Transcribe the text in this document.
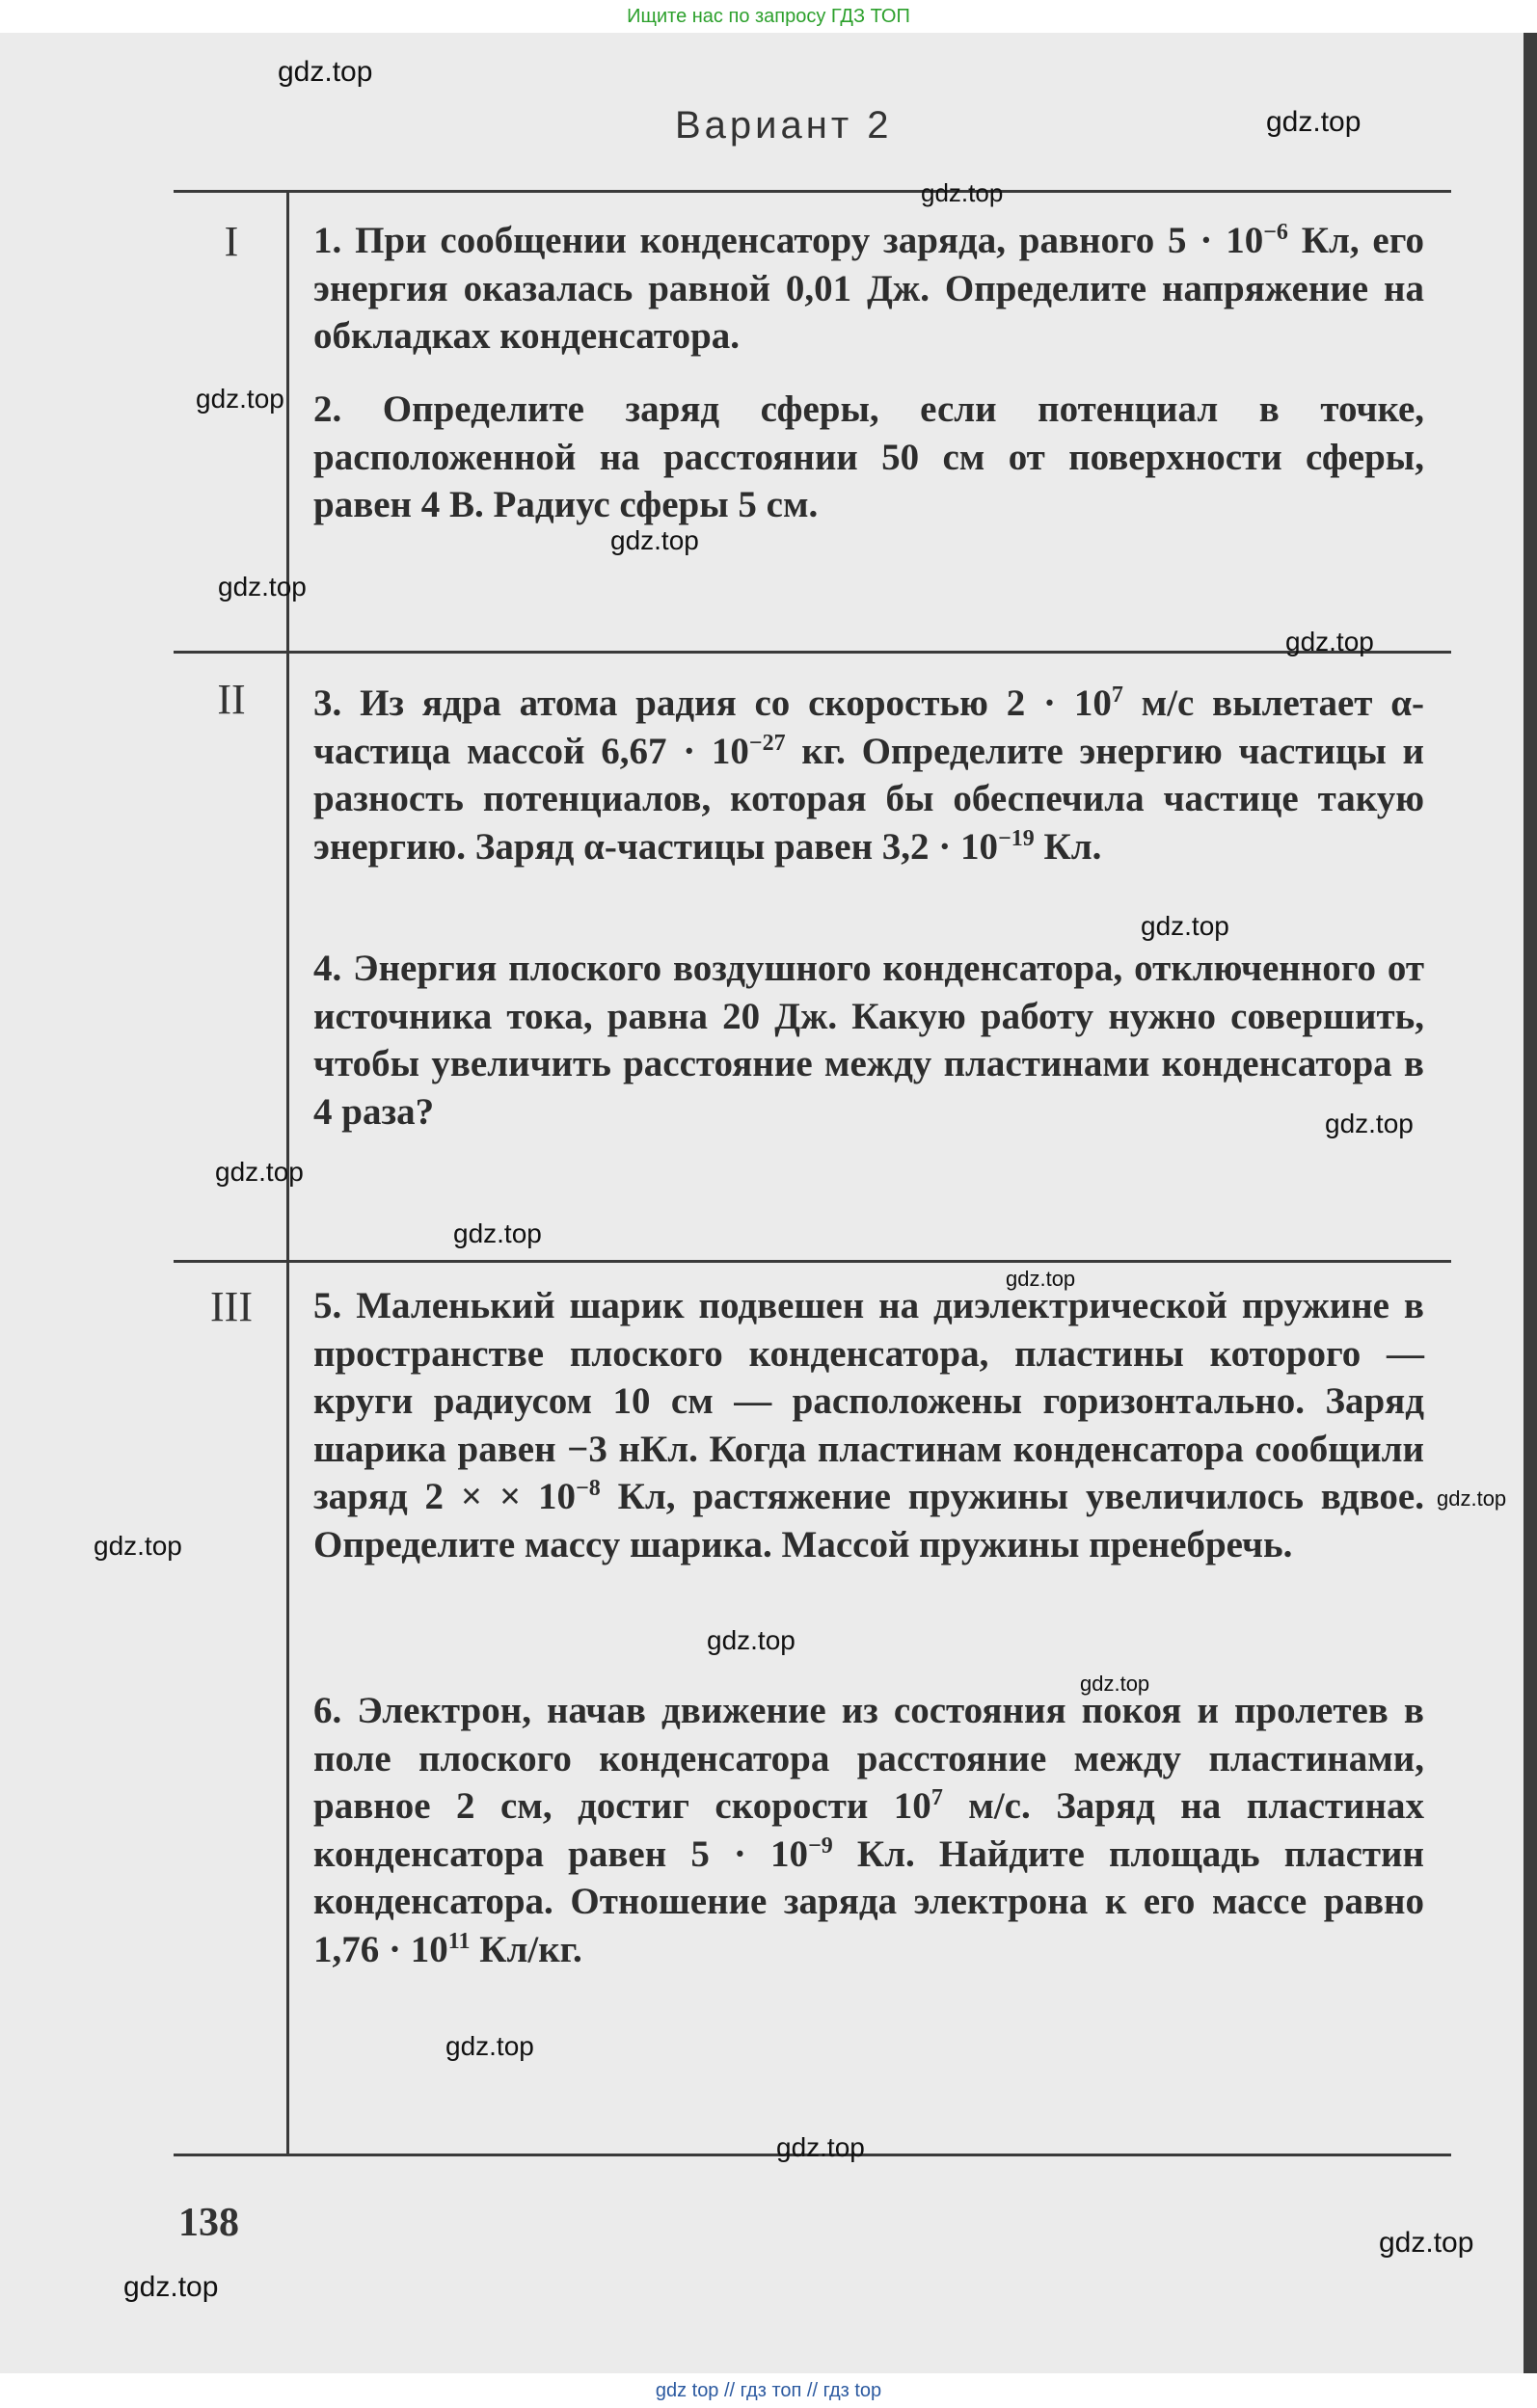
Ищите нас по запросу ГДЗ ТОП
Вариант 2
I
II
III
1. При сообщении конденсатору заряда, равного $5 \cdot 10^{-6}$ Кл, его энергия оказалась равной 0,01 Дж. Определите напряжение на обкладках конденсатора.
2. Определите заряд сферы, если потенциал в точке, расположенной на расстоянии 50 см от поверхности сферы, равен 4 В. Радиус сферы 5 см.
3. Из ядра атома радия со скоростью $2 \cdot 10^7$ м/с вылетает α-частица массой $6,67 \cdot 10^{-27}$ кг. Определите энергию частицы и разность потенциалов, которая бы обеспечила частице такую энергию. Заряд α-частицы равен $3,2 \cdot 10^{-19}$ Кл.
4. Энергия плоского воздушного конденсатора, отключенного от источника тока, равна 20 Дж. Какую работу нужно совершить, чтобы увеличить расстояние между пластинами конденсатора в 4 раза?
5. Маленький шарик подвешен на диэлектрической пружине в пространстве плоского конденсатора, пластины которого — круги радиусом 10 см — расположены горизонтально. Заряд шарика равен −3 нКл. Когда пластинам конденсатора сообщили заряд 2 × × $10^{-8}$ Кл, растяжение пружины увеличилось вдвое. Определите массу шарика. Массой пружины пренебречь.
6. Электрон, начав движение из состояния покоя и пролетев в поле плоского конденсатора расстояние между пластинами, равное 2 см, достиг скорости $10^7$ м/с. Заряд на пластинах конденсатора равен $5 \cdot 10^{-9}$ Кл. Найдите площадь пластин конденсатора. Отношение заряда электрона к его массе равно $1,76 \cdot 10^{11}$ Кл/кг.
138
gdz.top
gdz.top
gdz.top
gdz.top
gdz.top
gdz.top
gdz.top
gdz.top
gdz.top
gdz.top
gdz.top
gdz.top
gdz.top
gdz.top
gdz.top
gdz.top
gdz.top
gdz.top
gdz.top
gdz.top
gdz top // гдз топ // гдз top
